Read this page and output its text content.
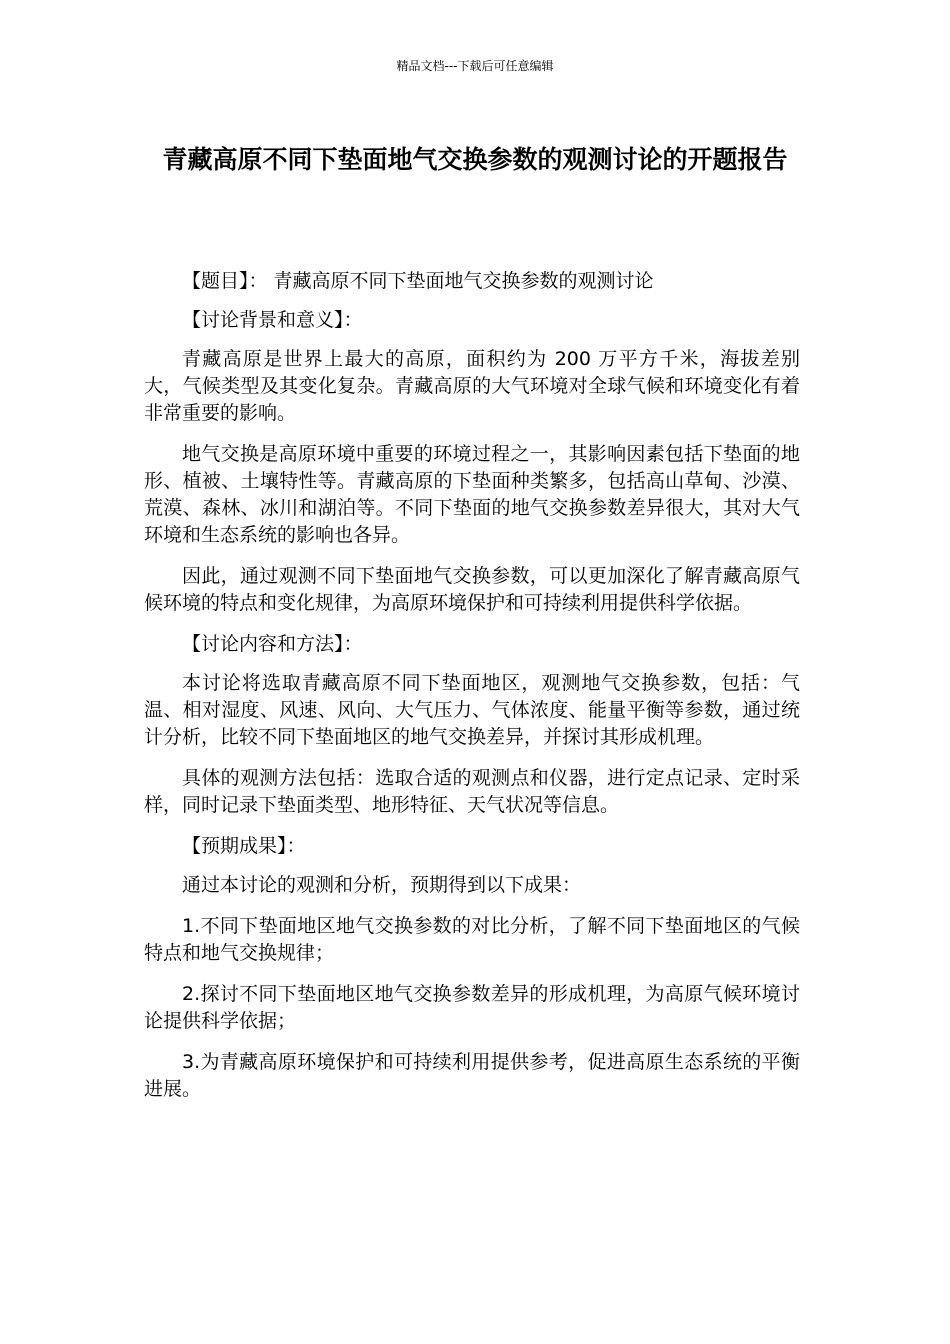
精品文档---下载后可任意编辑
青藏高原不同下垫面地气交换参数的观测讨论的开题报告

【题目】： 青藏高原不同下垫面地气交换参数的观测讨论

【讨论背景和意义】：

青藏高原是世界上最大的高原，面积约为 200 万平方千米，海拔差别大，气候类型及其变化复杂。青藏高原的大气环境对全球气候和环境变化有着非常重要的影响。

地气交换是高原环境中重要的环境过程之一，其影响因素包括下垫面的地形、植被、土壤特性等。青藏高原的下垫面种类繁多，包括高山草甸、沙漠、荒漠、森林、冰川和湖泊等。不同下垫面的地气交换参数差异很大，其对大气环境和生态系统的影响也各异。

因此，通过观测不同下垫面地气交换参数，可以更加深化了解青藏高原气候环境的特点和变化规律，为高原环境保护和可持续利用提供科学依据。

【讨论内容和方法】：

本讨论将选取青藏高原不同下垫面地区，观测地气交换参数，包括：气温、相对湿度、风速、风向、大气压力、气体浓度、能量平衡等参数，通过统计分析，比较不同下垫面地区的地气交换差异，并探讨其形成机理。

具体的观测方法包括：选取合适的观测点和仪器，进行定点记录、定时采样，同时记录下垫面类型、地形特征、天气状况等信息。

【预期成果】：

通过本讨论的观测和分析，预期得到以下成果：

1.不同下垫面地区地气交换参数的对比分析，了解不同下垫面地区的气候特点和地气交换规律；

2.探讨不同下垫面地区地气交换参数差异的形成机理，为高原气候环境讨论提供科学依据；

3.为青藏高原环境保护和可持续利用提供参考，促进高原生态系统的平衡进展。
